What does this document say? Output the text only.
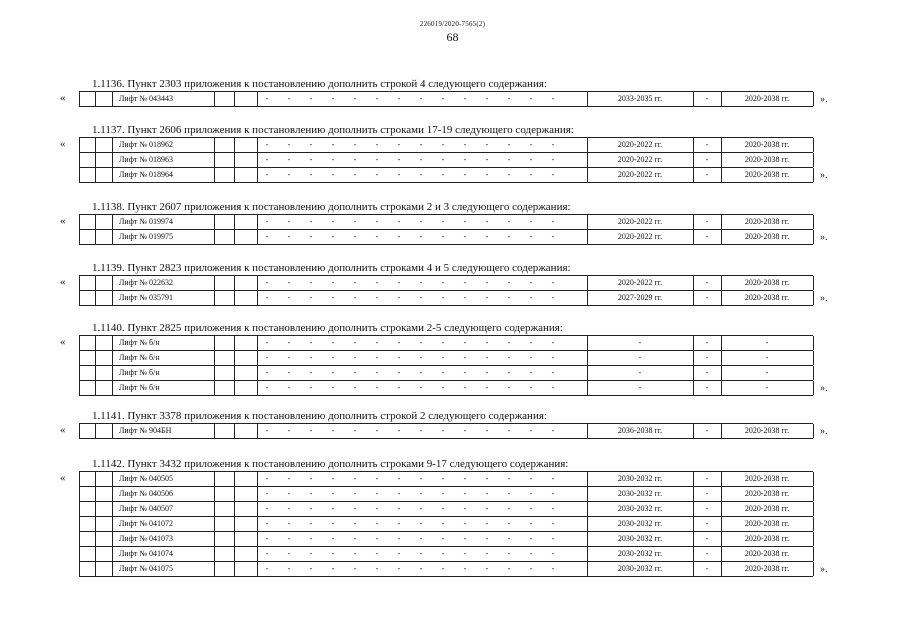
226019/2020-7565(2)
68
1.1136. Пункт 2303 приложения к постановлению дополнить строкой 4 следующего содержания:
«	Лифт № 043443	-	-	-	-	-	-	-	-	-	-	-	-	-	-	2033-2035 гг.	-	2020-2038 гг.	».
1.1137. Пункт 2606 приложения к постановлению дополнить строками 17-19 следующего содержания:
«	Лифт № 018962	-	-	-	-	-	-	-	-	-	-	-	-	-	-	2020-2022 гг.	-	2020-2038 гг.
Лифт № 018963	-	-	-	-	-	-	-	-	-	-	-	-	-	-	2020-2022 гг.	-	2020-2038 гг.
Лифт № 018964	-	-	-	-	-	-	-	-	-	-	-	-	-	-	2020-2022 гг.	-	2020-2038 гг.	».
1.1138. Пункт 2607 приложения к постановлению дополнить строками 2 и 3 следующего содержания:
«	Лифт № 019974	-	-	-	-	-	-	-	-	-	-	-	-	-	-	2020-2022 гг.	-	2020-2038 гг.
Лифт № 019975	-	-	-	-	-	-	-	-	-	-	-	-	-	-	2020-2022 гг.	-	2020-2038 гг.	».
1.1139. Пункт 2823 приложения к постановлению дополнить строками 4 и 5 следующего содержания:
«	Лифт № 022632	-	-	-	-	-	-	-	-	-	-	-	-	-	-	2020-2022 гг.	-	2020-2038 гг.
Лифт № 035791	-	-	-	-	-	-	-	-	-	-	-	-	-	-	2027-2029 гг.	-	2020-2038 гг.	».
1.1140. Пункт 2825 приложения к постановлению дополнить строками 2-5 следующего содержания:
«	Лифт № б/н	-	-	-	-	-	-	-	-	-	-	-	-	-	-	-	-	-
Лифт № б/н	-	-	-	-	-	-	-	-	-	-	-	-	-	-	-	-	-
Лифт № б/н	-	-	-	-	-	-	-	-	-	-	-	-	-	-	-	-	-
Лифт № б/н	-	-	-	-	-	-	-	-	-	-	-	-	-	-	-	-	-	».
1.1141. Пункт 3378 приложения к постановлению дополнить строкой 2 следующего содержания:
«	Лифт № 904БН	-	-	-	-	-	-	-	-	-	-	-	-	-	-	2036-2038 гг.	-	2020-2038 гг.	».
1.1142. Пункт 3432 приложения к постановлению дополнить строками 9-17 следующего содержания:
«	Лифт № 040505	-	-	-	-	-	-	-	-	-	-	-	-	-	-	2030-2032 гг.	-	2020-2038 гг.
Лифт № 040506	-	-	-	-	-	-	-	-	-	-	-	-	-	-	2030-2032 гг.	-	2020-2038 гг.
Лифт № 040507	-	-	-	-	-	-	-	-	-	-	-	-	-	-	2030-2032 гг.	-	2020-2038 гг.
Лифт № 041072	-	-	-	-	-	-	-	-	-	-	-	-	-	-	2030-2032 гг.	-	2020-2038 гг.
Лифт № 041073	-	-	-	-	-	-	-	-	-	-	-	-	-	-	2030-2032 гг.	-	2020-2038 гг.
Лифт № 041074	-	-	-	-	-	-	-	-	-	-	-	-	-	-	2030-2032 гг.	-	2020-2038 гг.
Лифт № 041075	-	-	-	-	-	-	-	-	-	-	-	-	-	-	2030-2032 гг.	-	2020-2038 гг.	».
